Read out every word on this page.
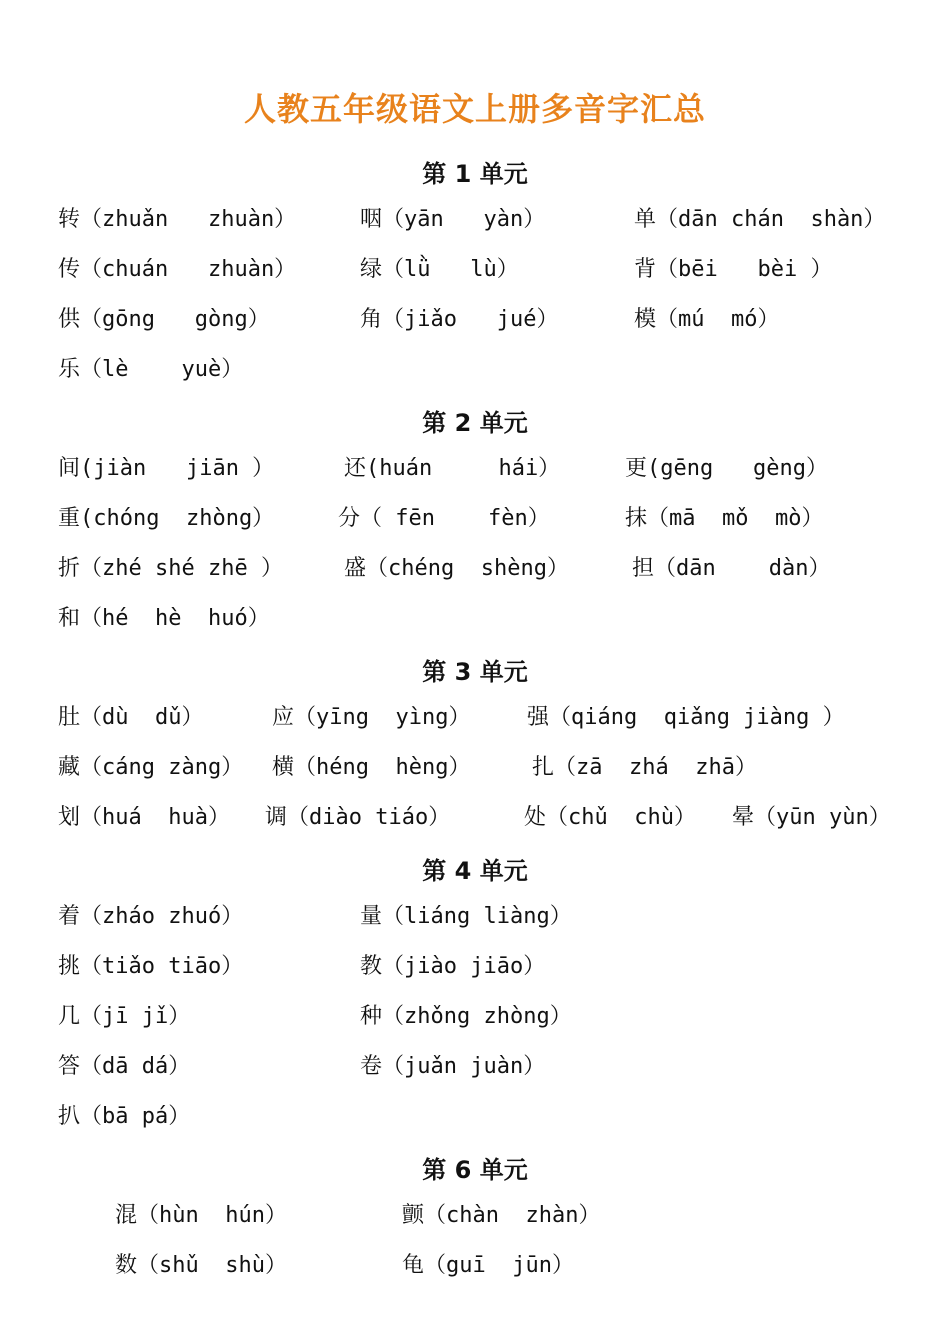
人教五年级语文上册多音字汇总
第 1 单元
转（zhuǎn   zhuàn）	咽（yān   yàn）	单（dān chán  shàn）
传（chuán   zhuàn）	绿（lǜ   lù）	背（bēi   bèi ）
供（gōng   gòng）	角（jiǎo   jué）	模（mú  mó）
乐（lè    yuè）
第 2 单元
间(jiàn   jiān ）	还(huán     hái）	更(gēng   gèng）
重(chóng  zhòng）	分（ fēn    fèn）	抹（mā  mǒ  mò）
折（zhé shé zhē ）	盛（chéng  shèng）	担（dān    dàn）
和（hé  hè  huó）
第 3 单元
肚（dù  dǔ）	应（yīng  yìng）	强（qiáng  qiǎng jiàng ）
藏（cáng zàng） 横（héng  hèng）	扎（zā  zhá  zhā）
划（huá  huà） 调（diào tiáo）	处（chǔ  chù） 晕（yūn yùn）
第 4 单元
着（zháo zhuó）	量（liáng liàng）
挑（tiǎo tiāo）	教（jiào jiāo）
几（jī jǐ）	种（zhǒng zhòng）
答（dā dá）	卷（juǎn juàn）
扒（bā pá）
第 6 单元
混（hùn  hún）	颤（chàn  zhàn）
数（shǔ  shù）	龟（guī  jūn）
